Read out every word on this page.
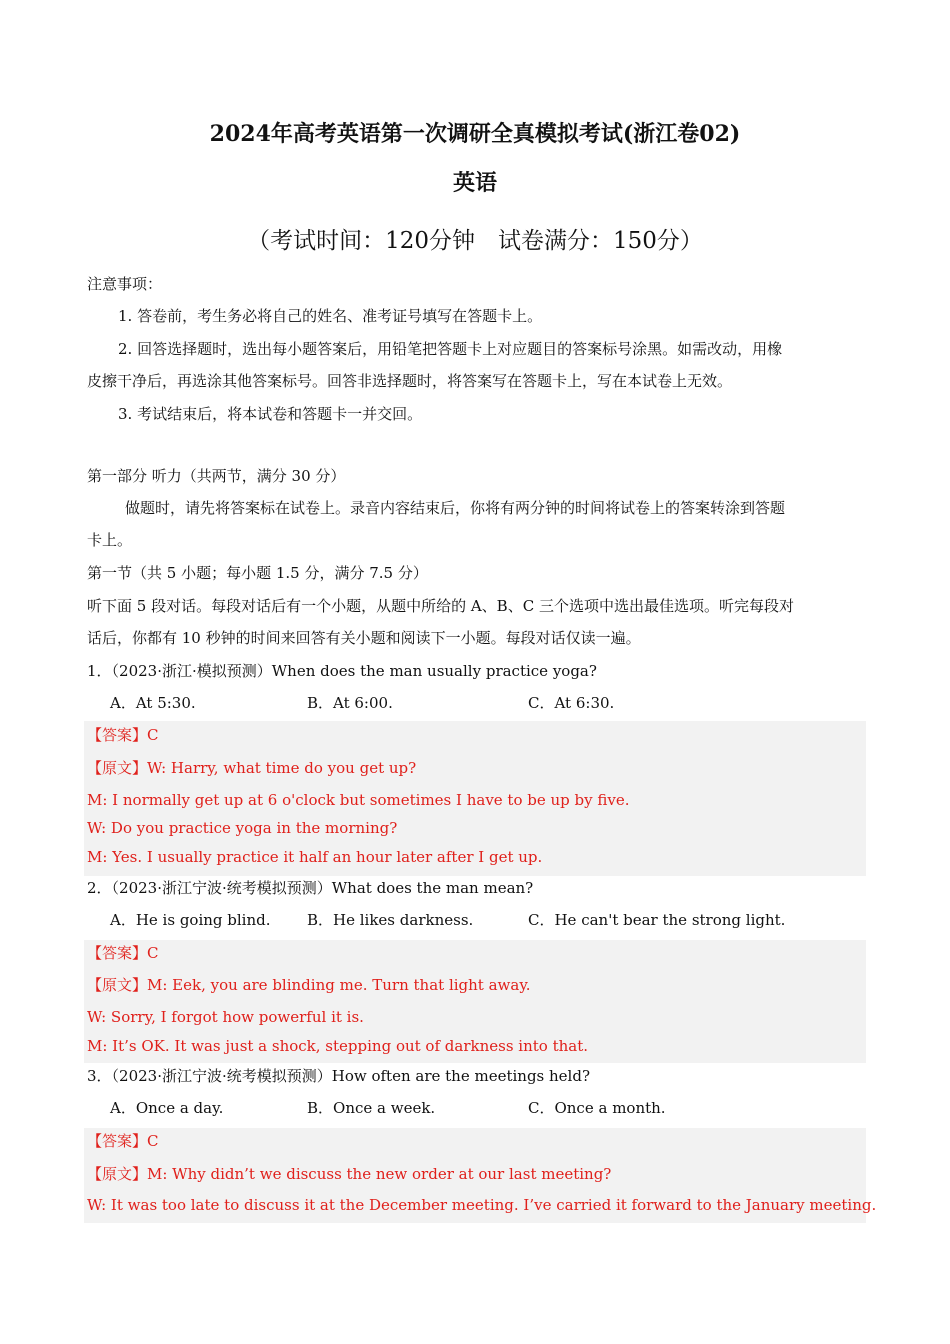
2024年高考英语第一次调研全真模拟考试(浙江卷02)
英语
（考试时间：120分钟　试卷满分：150分）
注意事项：
1. 答卷前，考生务必将自己的姓名、准考证号填写在答题卡上。
2. 回答选择题时，选出每小题答案后，用铅笔把答题卡上对应题目的答案标号涂黑。如需改动，用橡
皮擦干净后，再选涂其他答案标号。回答非选择题时，将答案写在答题卡上，写在本试卷上无效。
3. 考试结束后，将本试卷和答题卡一并交回。
第一部分 听力（共两节，满分 30 分）
做题时，请先将答案标在试卷上。录音内容结束后，你将有两分钟的时间将试卷上的答案转涂到答题
卡上。
第一节（共 5 小题；每小题 1.5 分，满分 7.5 分）
听下面 5 段对话。每段对话后有一个小题，从题中所给的 A、B、C 三个选项中选出最佳选项。听完每段对
话后，你都有 10 秒钟的时间来回答有关小题和阅读下一小题。每段对话仅读一遍。
1．（2023·浙江·模拟预测）When does the man usually practice yoga?
A．At 5:30.	B．At 6:00.	C．At 6:30.
【答案】C
【原文】W: Harry, what time do you get up?
M: I normally get up at 6 o'clock but sometimes I have to be up by five.
W: Do you practice yoga in the morning?
M: Yes. I usually practice it half an hour later after I get up.
2．（2023·浙江宁波·统考模拟预测）What does the man mean?
A．He is going blind. B．He likes darkness.	C．He can't bear the strong light.
【答案】C
【原文】M: Eek, you are blinding me. Turn that light away.
W: Sorry, I forgot how powerful it is.
M: It’s OK. It was just a shock, stepping out of darkness into that.
3．（2023·浙江宁波·统考模拟预测）How often are the meetings held?
A．Once a day.	B．Once a week.	C．Once a month.
【答案】C
【原文】M: Why didn’t we discuss the new order at our last meeting?
W: It was too late to discuss it at the December meeting. I’ve carried it forward to the January meeting.
